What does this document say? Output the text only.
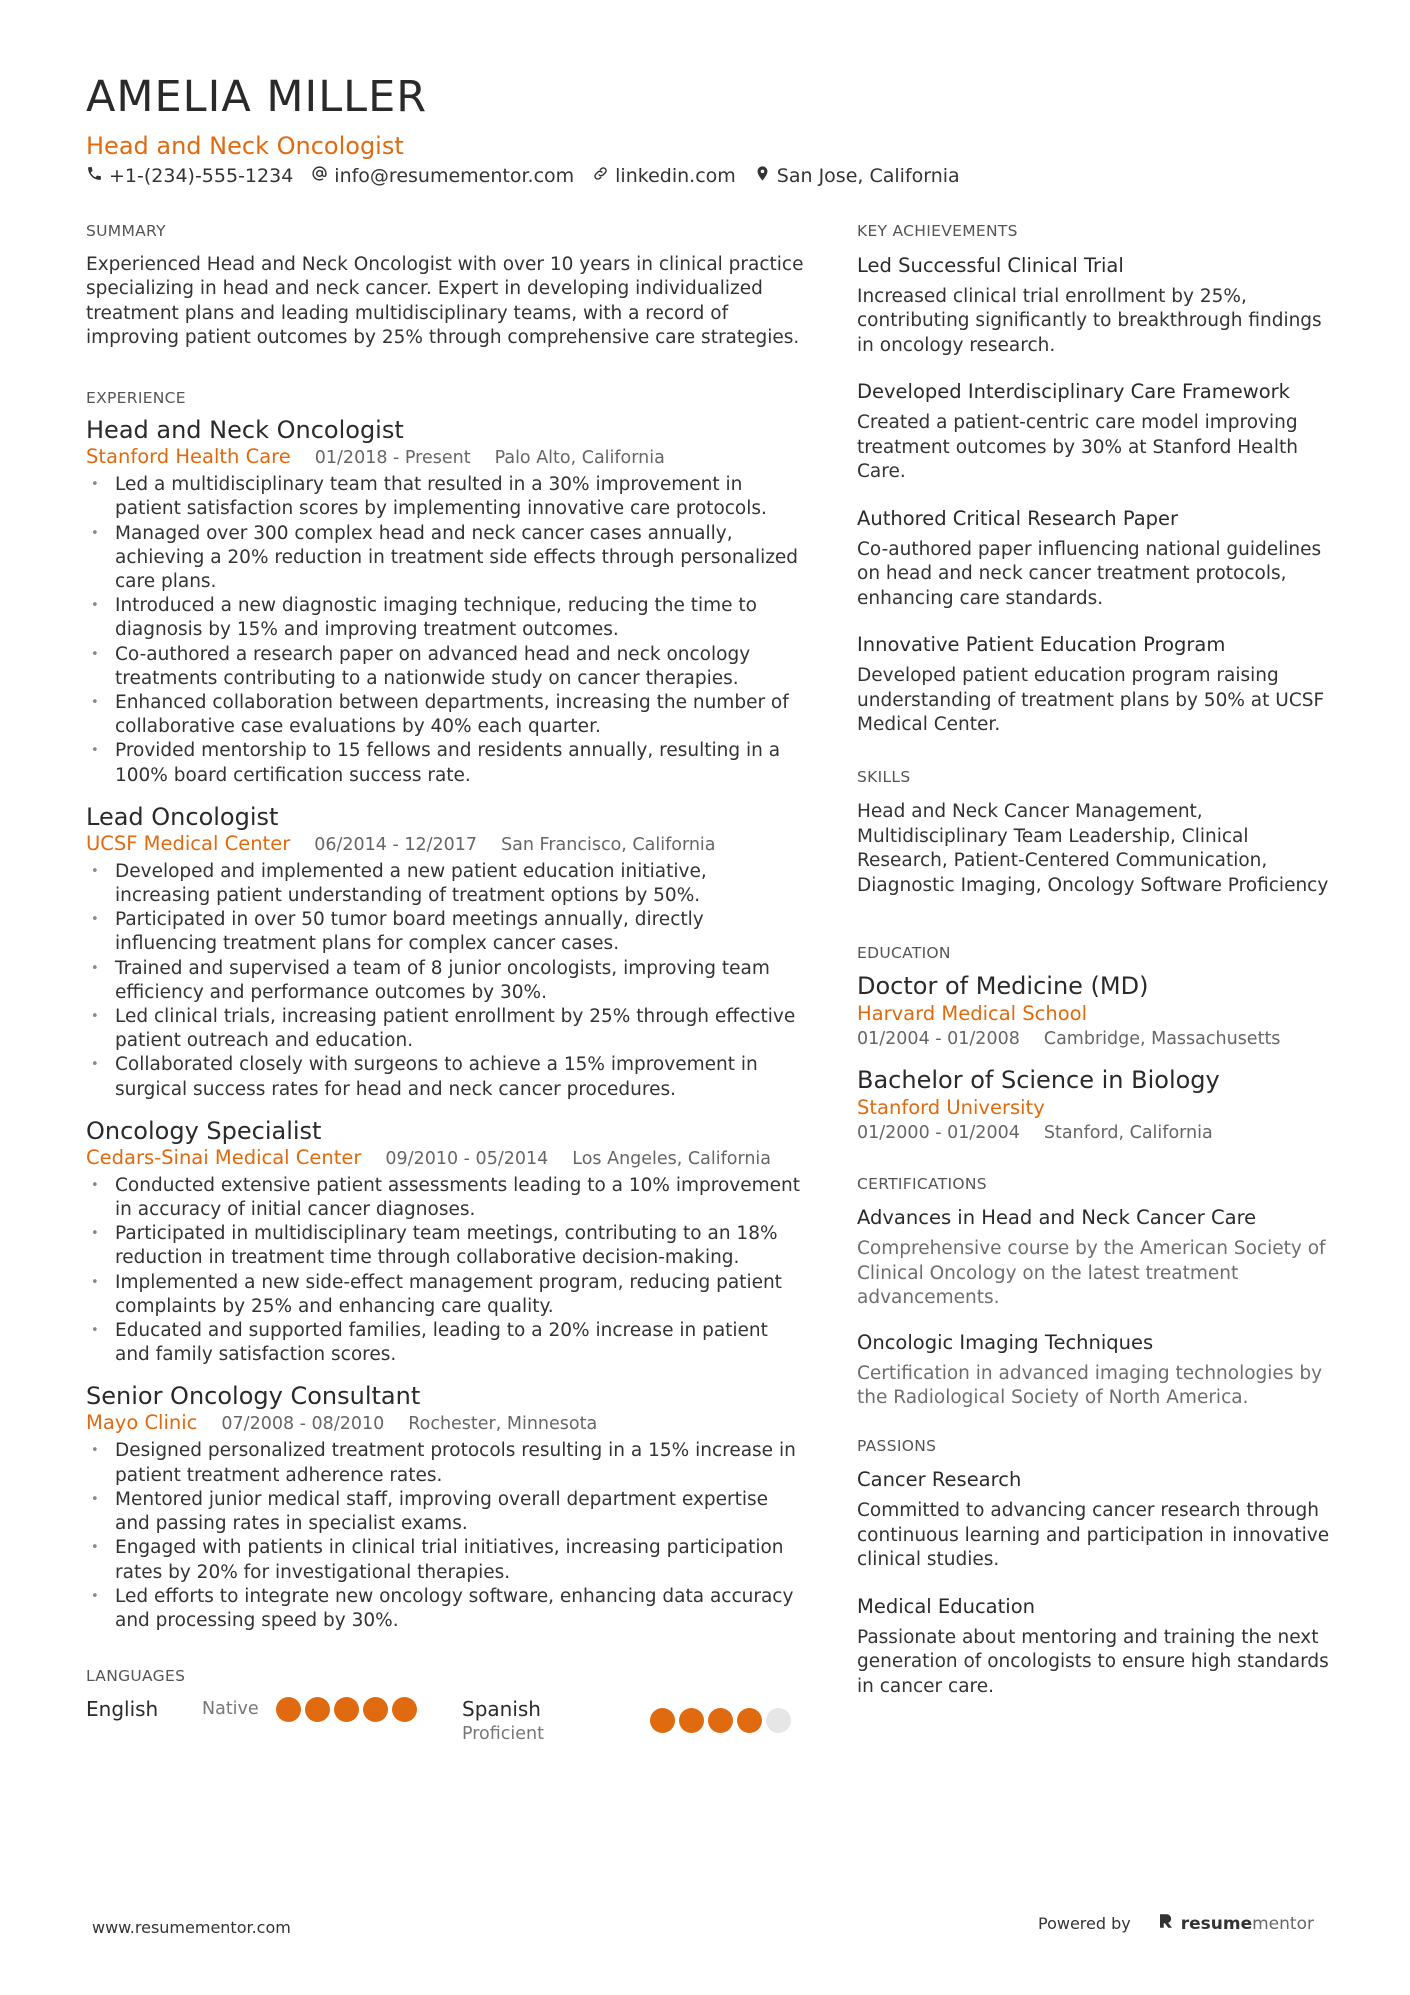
AMELIA MILLER
Head and Neck Oncologist
+1-(234)-555-1234 info@resumementor.com linkedin.com San Jose, California
SUMMARY
Experienced Head and Neck Oncologist with over 10 years in clinical practice specializing in head and neck cancer. Expert in developing individualized treatment plans and leading multidisciplinary teams, with a record of improving patient outcomes by 25% through comprehensive care strategies.
EXPERIENCE
Head and Neck Oncologist
Stanford Health Care 01/2018 - Present Palo Alto, California
• Led a multidisciplinary team that resulted in a 30% improvement in patient satisfaction scores by implementing innovative care protocols.
• Managed over 300 complex head and neck cancer cases annually, achieving a 20% reduction in treatment side effects through personalized care plans.
• Introduced a new diagnostic imaging technique, reducing the time to diagnosis by 15% and improving treatment outcomes.
• Co-authored a research paper on advanced head and neck oncology treatments contributing to a nationwide study on cancer therapies.
• Enhanced collaboration between departments, increasing the number of collaborative case evaluations by 40% each quarter.
• Provided mentorship to 15 fellows and residents annually, resulting in a 100% board certification success rate.
Lead Oncologist
UCSF Medical Center 06/2014 - 12/2017 San Francisco, California
• Developed and implemented a new patient education initiative, increasing patient understanding of treatment options by 50%.
• Participated in over 50 tumor board meetings annually, directly influencing treatment plans for complex cancer cases.
• Trained and supervised a team of 8 junior oncologists, improving team efficiency and performance outcomes by 30%.
• Led clinical trials, increasing patient enrollment by 25% through effective patient outreach and education.
• Collaborated closely with surgeons to achieve a 15% improvement in surgical success rates for head and neck cancer procedures.
Oncology Specialist
Cedars-Sinai Medical Center 09/2010 - 05/2014 Los Angeles, California
• Conducted extensive patient assessments leading to a 10% improvement in accuracy of initial cancer diagnoses.
• Participated in multidisciplinary team meetings, contributing to an 18% reduction in treatment time through collaborative decision-making.
• Implemented a new side-effect management program, reducing patient complaints by 25% and enhancing care quality.
• Educated and supported families, leading to a 20% increase in patient and family satisfaction scores.
Senior Oncology Consultant
Mayo Clinic 07/2008 - 08/2010 Rochester, Minnesota
• Designed personalized treatment protocols resulting in a 15% increase in patient treatment adherence rates.
• Mentored junior medical staff, improving overall department expertise and passing rates in specialist exams.
• Engaged with patients in clinical trial initiatives, increasing participation rates by 20% for investigational therapies.
• Led efforts to integrate new oncology software, enhancing data accuracy and processing speed by 30%.
LANGUAGES
English	Native	Spanish
Proficient
KEY ACHIEVEMENTS
Led Successful Clinical Trial
Increased clinical trial enrollment by 25%, contributing significantly to breakthrough findings in oncology research.
Developed Interdisciplinary Care Framework
Created a patient-centric care model improving treatment outcomes by 30% at Stanford Health Care.
Authored Critical Research Paper
Co-authored paper influencing national guidelines on head and neck cancer treatment protocols, enhancing care standards.
Innovative Patient Education Program
Developed patient education program raising understanding of treatment plans by 50% at UCSF Medical Center.
SKILLS
Head and Neck Cancer Management, Multidisciplinary Team Leadership, Clinical Research, Patient-Centered Communication, Diagnostic Imaging, Oncology Software Proficiency
EDUCATION
Doctor of Medicine (MD)
Harvard Medical School
01/2004 - 01/2008 Cambridge, Massachusetts
Bachelor of Science in Biology
Stanford University
01/2000 - 01/2004 Stanford, California
CERTIFICATIONS
Advances in Head and Neck Cancer Care
Comprehensive course by the American Society of Clinical Oncology on the latest treatment advancements.
Oncologic Imaging Techniques
Certification in advanced imaging technologies by the Radiological Society of North America.
PASSIONS
Cancer Research
Committed to advancing cancer research through continuous learning and participation in innovative clinical studies.
Medical Education
Passionate about mentoring and training the next generation of oncologists to ensure high standards in cancer care.
www.resumementor.com	Powered by	resumementor
